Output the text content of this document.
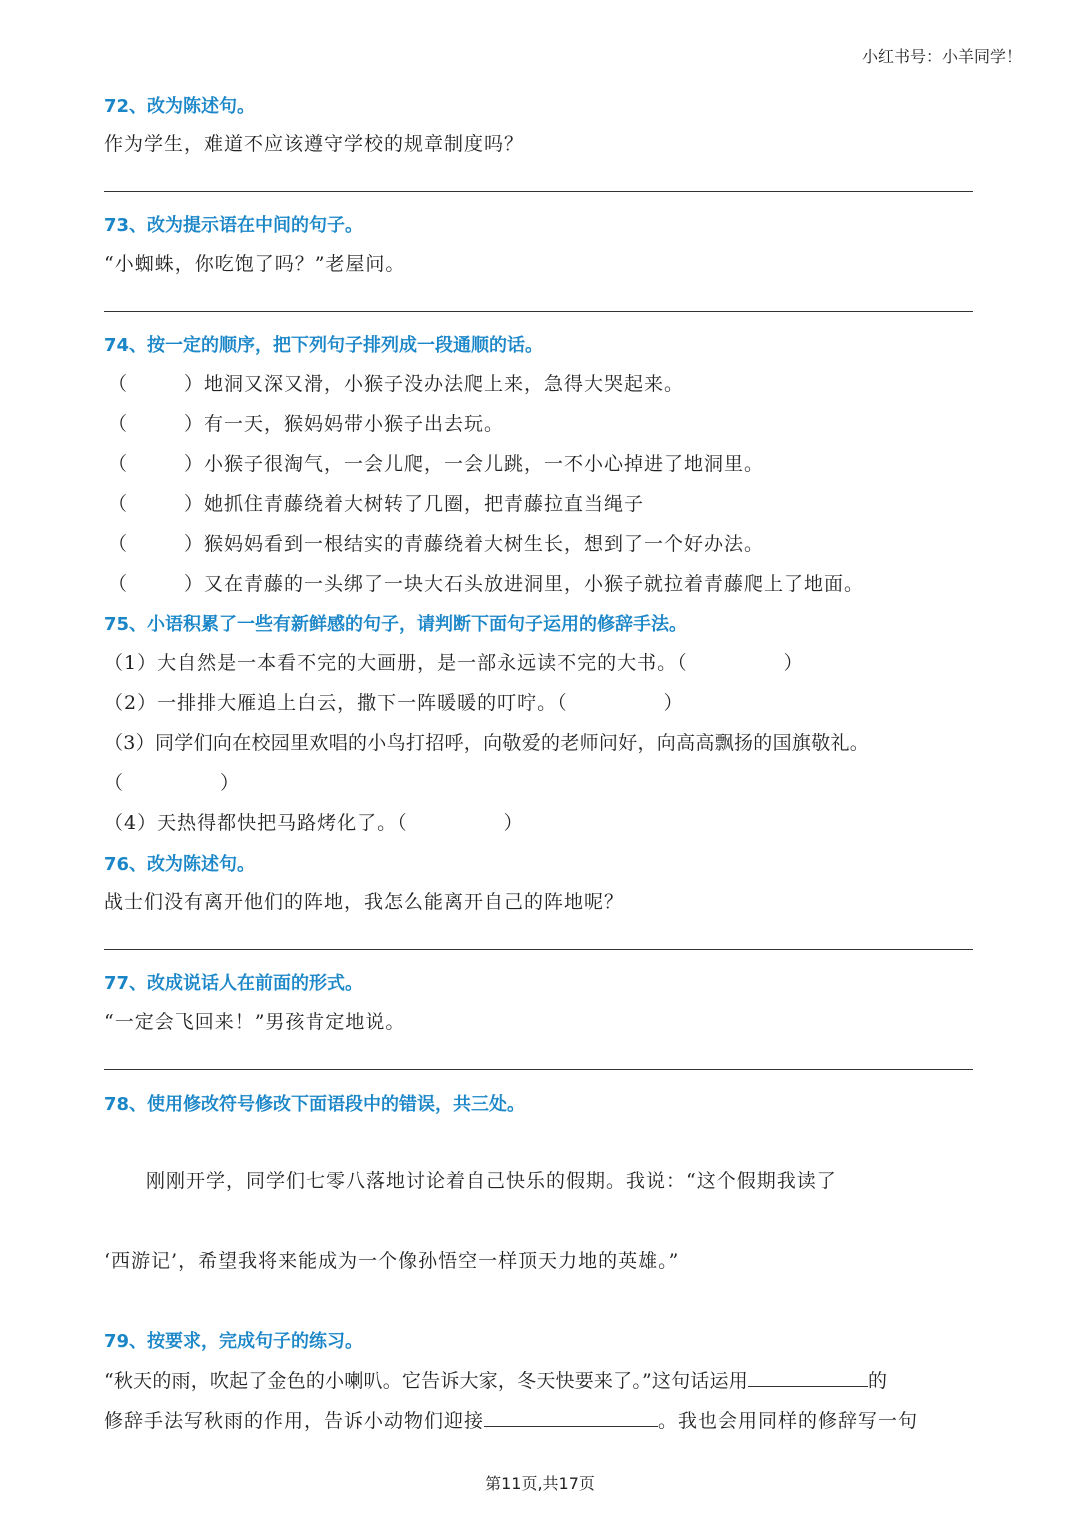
小红书号：小羊同学！
72、改为陈述句。
作为学生，难道不应该遵守学校的规章制度吗？
73、改为提示语在中间的句子。
“小蜘蛛，你吃饱了吗？”老屋问。
74、按一定的顺序，把下列句子排列成一段通顺的话。
（	）地洞又深又滑，小猴子没办法爬上来，急得大哭起来。
（	）有一天，猴妈妈带小猴子出去玩。
（	）小猴子很淘气，一会儿爬，一会儿跳，一不小心掉进了地洞里。
（	）她抓住青藤绕着大树转了几圈，把青藤拉直当绳子
（	）猴妈妈看到一根结实的青藤绕着大树生长，想到了一个好办法。
（	）又在青藤的一头绑了一块大石头放进洞里，小猴子就拉着青藤爬上了地面。
75、小语积累了一些有新鲜感的句子，请判断下面句子运用的修辞手法。
（1）大自然是一本看不完的大画册，是一部永远读不完的大书。（	）
（2）一排排大雁追上白云，撒下一阵暖暖的叮咛。（	）
（3）同学们向在校园里欢唱的小鸟打招呼，向敬爱的老师问好，向高高飘扬的国旗敬礼。
（	）
（4）天热得都快把马路烤化了。（	）
76、改为陈述句。
战士们没有离开他们的阵地，我怎么能离开自己的阵地呢？
77、改成说话人在前面的形式。
“一定会飞回来！”男孩肯定地说。
78、使用修改符号修改下面语段中的错误，共三处。
刚刚开学，同学们七零八落地讨论着自己快乐的假期。我说：“这个假期我读了
‘西游记’，希望我将来能成为一个像孙悟空一样顶天力地的英雄。”
79、按要求，完成句子的练习。
“秋天的雨，吹起了金色的小喇叭。它告诉大家，冬天快要来了。”这句话运用	的
修辞手法写秋雨的作用，告诉小动物们迎接	。我也会用同样的修辞写一句
第11页,共17页
